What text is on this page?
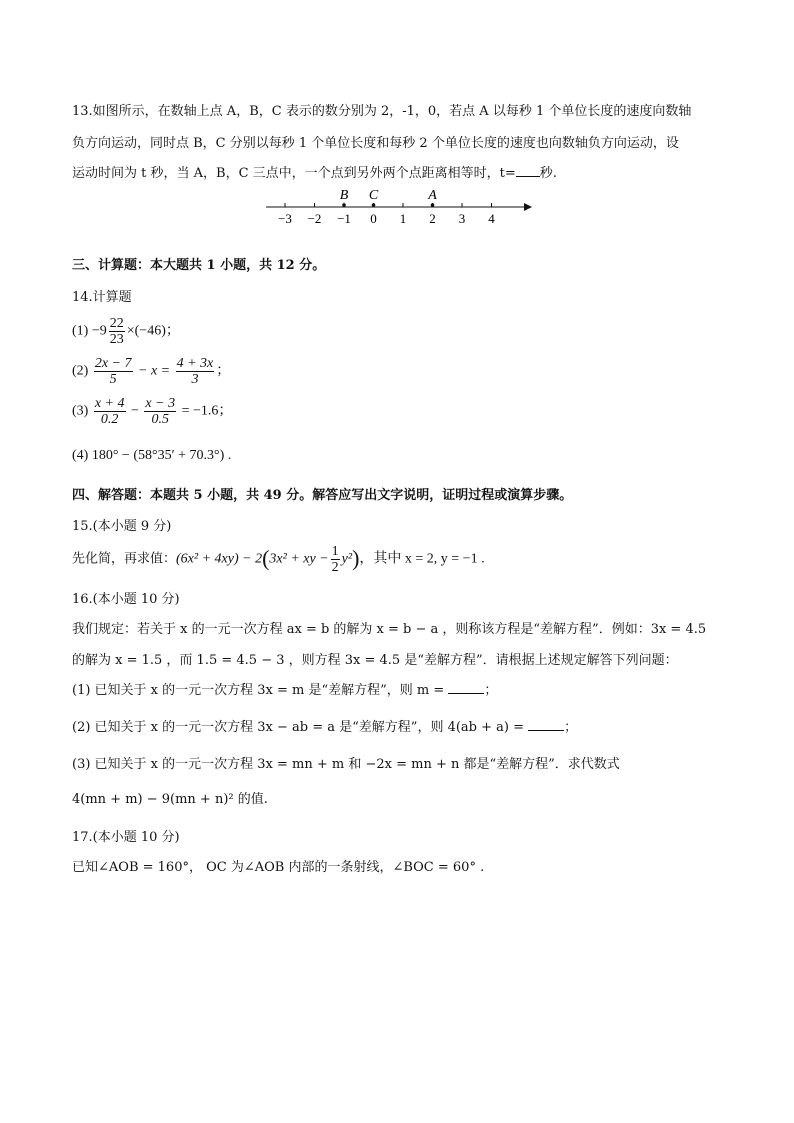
13.如图所示，在数轴上点 A，B，C 表示的数分别为 2，-1，0，若点 A 以每秒 1 个单位长度的速度向数轴
负方向运动，同时点 B，C 分别以每秒 1 个单位长度和每秒 2 个单位长度的速度也向数轴负方向运动，设
运动时间为 t 秒，当 A，B，C 三点中，一个点到另外两个点距离相等时，t= 秒.
−3 −2 −1 0 1 2 3 4
B C	A
三、计算题：本大题共 1 小题，共 12 分。
14.计算题
$(1) -9 \frac{22}{23} \times(-46)$；
$(2) \frac{2x - 7}{5} - x = \frac{4 + 3x}{3}$ ；
$(3) \frac{x + 4}{0.2} - \frac{x - 3}{0.5} = -1.6$；
(4) 180° − (58°35′ + 70.3°) .
四、解答题：本题共 5 小题，共 49 分。解答应写出文字说明，证明过程或演算步骤。
15.(本小题 9 分)
先化简，再求值：(6x² + 4xy) − 2(3x² + xy − $\frac{1}{2} y^2$)，其中 x = 2, y = −1 .
16.(本小题 10 分)
我们规定：若关于 x 的一元一次方程 ax = b 的解为 x = b − a ，则称该方程是“差解方程”．例如：3x = 4.5
的解为 x = 1.5 ，而 1.5 = 4.5 − 3 ，则方程 3x = 4.5 是“差解方程”．请根据上述规定解答下列问题：
(1) 已知关于 x 的一元一次方程 3x = m 是“差解方程”，则 m =	；
(2) 已知关于 x 的一元一次方程 3x − ab = a 是“差解方程”，则 4(ab + a) =	；
(3) 已知关于 x 的一元一次方程 3x = mn + m 和 −2x = mn + n 都是“差解方程”．求代数式
4(mn + m) − 9(mn + n)² 的值.
17.(本小题 10 分)
已知∠AOB = 160°， OC 为∠AOB 内部的一条射线，∠BOC = 60° .
